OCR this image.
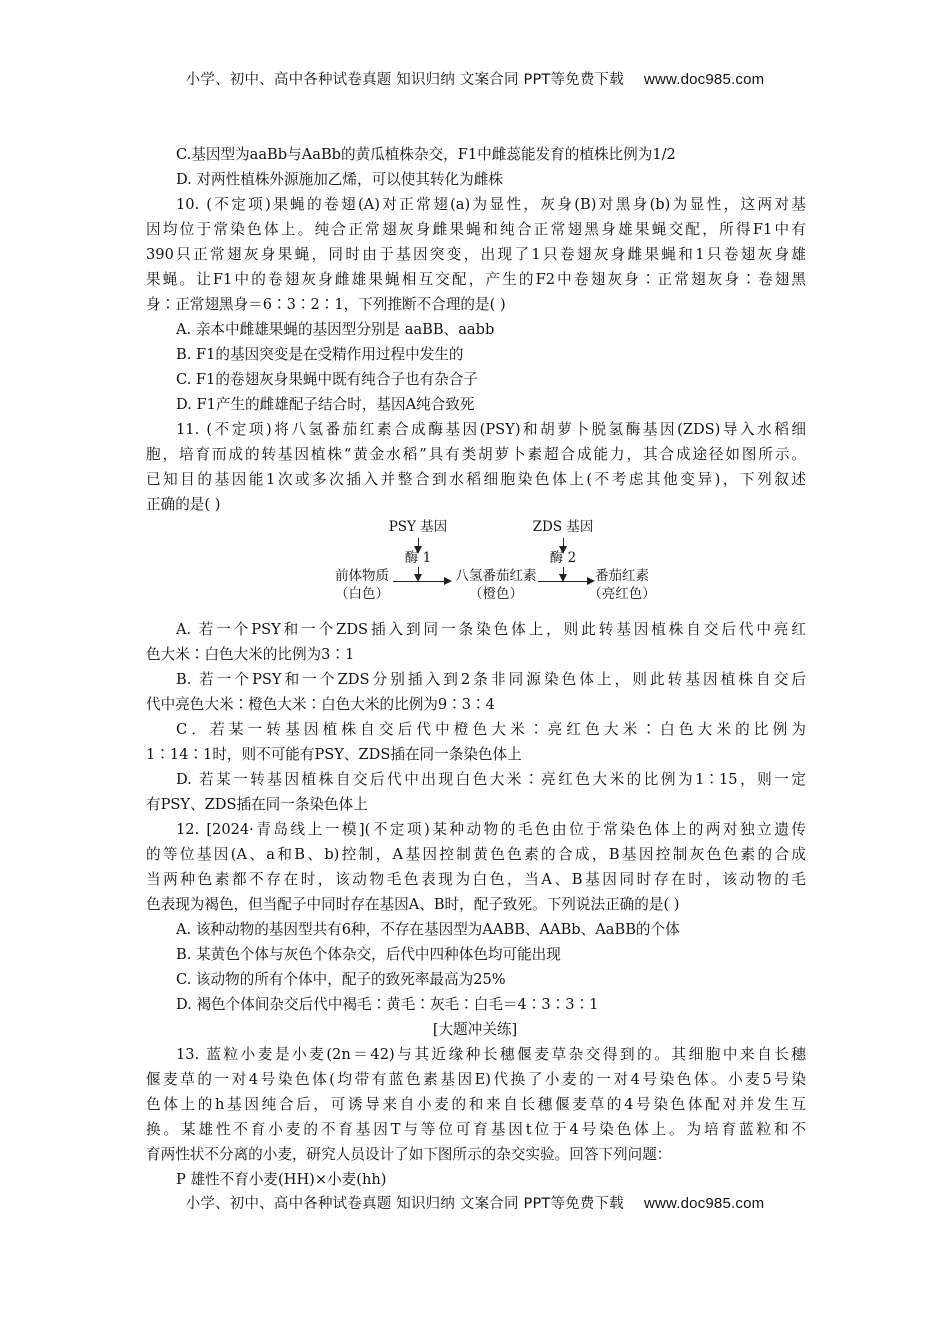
小学、初中、高中各种试卷真题 知识归纳 文案合同 PPT等免费下载 www.doc985.com
C.基因型为aaBb与AaBb的黄瓜植株杂交，F1中雌蕊能发育的植株比例为1/2
D. 对两性植株外源施加乙烯，可以使其转化为雌株
10. (不定项)果蝇的卷翅(A)对正常翅(a)为显性，灰身(B)对黑身(b)为显性，这两对基
因均位于常染色体上。纯合正常翅灰身雌果蝇和纯合正常翅黑身雄果蝇交配，所得F1中有
390只正常翅灰身果蝇，同时由于基因突变，出现了1只卷翅灰身雌果蝇和1只卷翅灰身雄
果蝇。让F1中的卷翅灰身雌雄果蝇相互交配，产生的F2中卷翅灰身∶正常翅灰身∶卷翅黑
身∶正常翅黑身＝6∶3∶2∶1，下列推断不合理的是( )
A. 亲本中雌雄果蝇的基因型分别是 aaBB、aabb
B. F1的基因突变是在受精作用过程中发生的
C. F1的卷翅灰身果蝇中既有纯合子也有杂合子
D. F1产生的雌雄配子结合时，基因A纯合致死
11. (不定项)将八氢番茄红素合成酶基因(PSY)和胡萝卜脱氢酶基因(ZDS)导入水稻细
胞，培育而成的转基因植株“黄金水稻”具有类胡萝卜素超合成能力，其合成途径如图所示。
已知目的基因能1次或多次插入并整合到水稻细胞染色体上(不考虑其他变异)，下列叙述
正确的是( )
PSY 基因	ZDS 基因
酶 1	酶 2
前体物质
（白色）
八氢番茄红素
（橙色）
番茄红素
（亮红色）
A. 若一个PSY和一个ZDS插入到同一条染色体上，则此转基因植株自交后代中亮红
色大米∶白色大米的比例为3∶1
B. 若一个PSY和一个ZDS分别插入到2条非同源染色体上，则此转基因植株自交后
代中亮色大米∶橙色大米∶白色大米的比例为9∶3∶4
C．若某一转基因植株自交后代中橙色大米∶亮红色大米∶白色大米的比例为
1∶14∶1时，则不可能有PSY、ZDS插在同一条染色体上
D. 若某一转基因植株自交后代中出现白色大米∶亮红色大米的比例为1∶15，则一定
有PSY、ZDS插在同一条染色体上
12. [2024·青岛线上一模](不定项)某种动物的毛色由位于常染色体上的两对独立遗传
的等位基因(A、a和B、b)控制，A基因控制黄色色素的合成，B基因控制灰色色素的合成
当两种色素都不存在时，该动物毛色表现为白色，当A、B基因同时存在时，该动物的毛
色表现为褐色，但当配子中同时存在基因A、B时，配子致死。下列说法正确的是( )
A. 该种动物的基因型共有6种，不存在基因型为AABB、AABb、AaBB的个体
B. 某黄色个体与灰色个体杂交，后代中四种体色均可能出现
C. 该动物的所有个体中，配子的致死率最高为25%
D. 褐色个体间杂交后代中褐毛∶黄毛∶灰毛∶白毛＝4∶3∶3∶1
[大题冲关练]
13. 蓝粒小麦是小麦(2n＝42)与其近缘种长穗偃麦草杂交得到的。其细胞中来自长穗
偃麦草的一对4号染色体(均带有蓝色素基因E)代换了小麦的一对4号染色体。小麦5号染
色体上的h基因纯合后，可诱导来自小麦的和来自长穗偃麦草的4号染色体配对并发生互
换。某雄性不育小麦的不育基因T与等位可育基因t位于4号染色体上。为培育蓝粒和不
育两性状不分离的小麦，研究人员设计了如下图所示的杂交实验。回答下列问题：
P 雄性不育小麦(HH)×小麦(hh)
小学、初中、高中各种试卷真题 知识归纳 文案合同 PPT等免费下载 www.doc985.com
